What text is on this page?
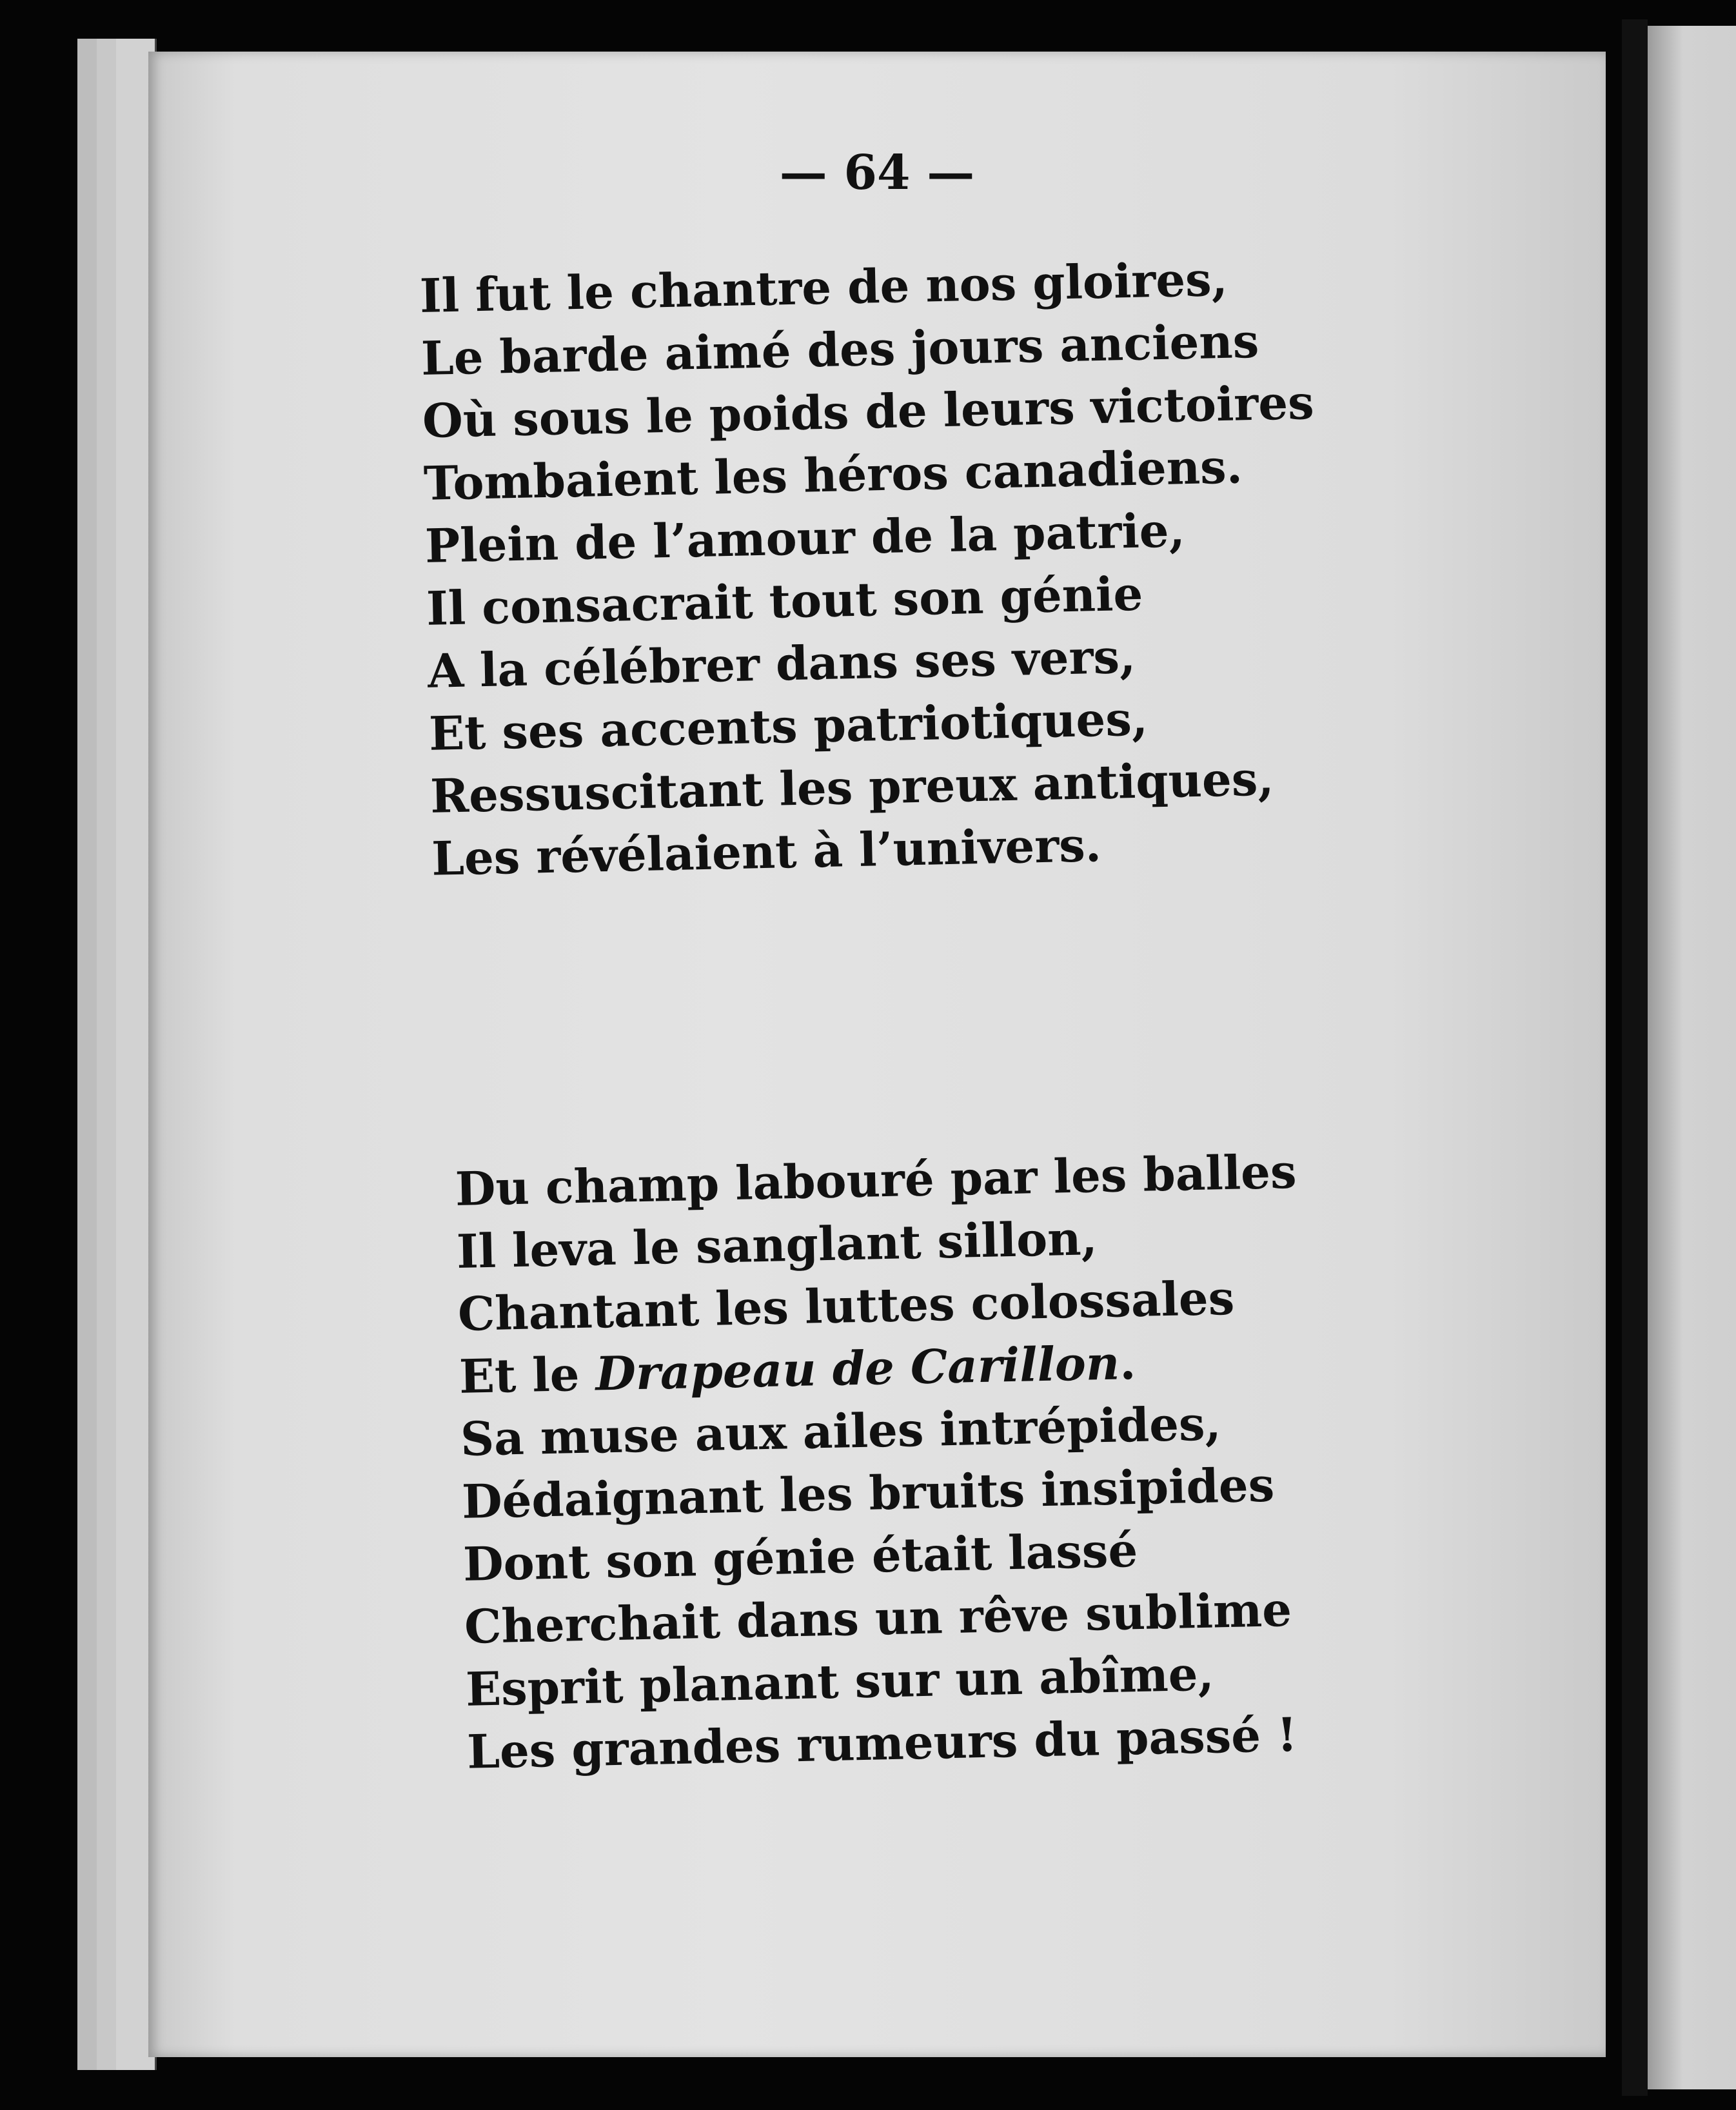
— 64 —
Il fut le chantre de nos gloires,
Le barde aimé des jours anciens
Où sous le poids de leurs victoires
Tombaient les héros canadiens.
Plein de l’amour de la patrie,
Il consacrait tout son génie
A la célébrer dans ses vers,
Et ses accents patriotiques,
Ressuscitant les preux antiques,
Les révélaient à l’univers.
Du champ labouré par les balles
Il leva le sanglant sillon,
Chantant les luttes colossales
Et le Drapeau de Carillon.
Sa muse aux ailes intrépides,
Dédaignant les bruits insipides
Dont son génie était lassé
Cherchait dans un rêve sublime
Esprit planant sur un abîme,
Les grandes rumeurs du passé !
